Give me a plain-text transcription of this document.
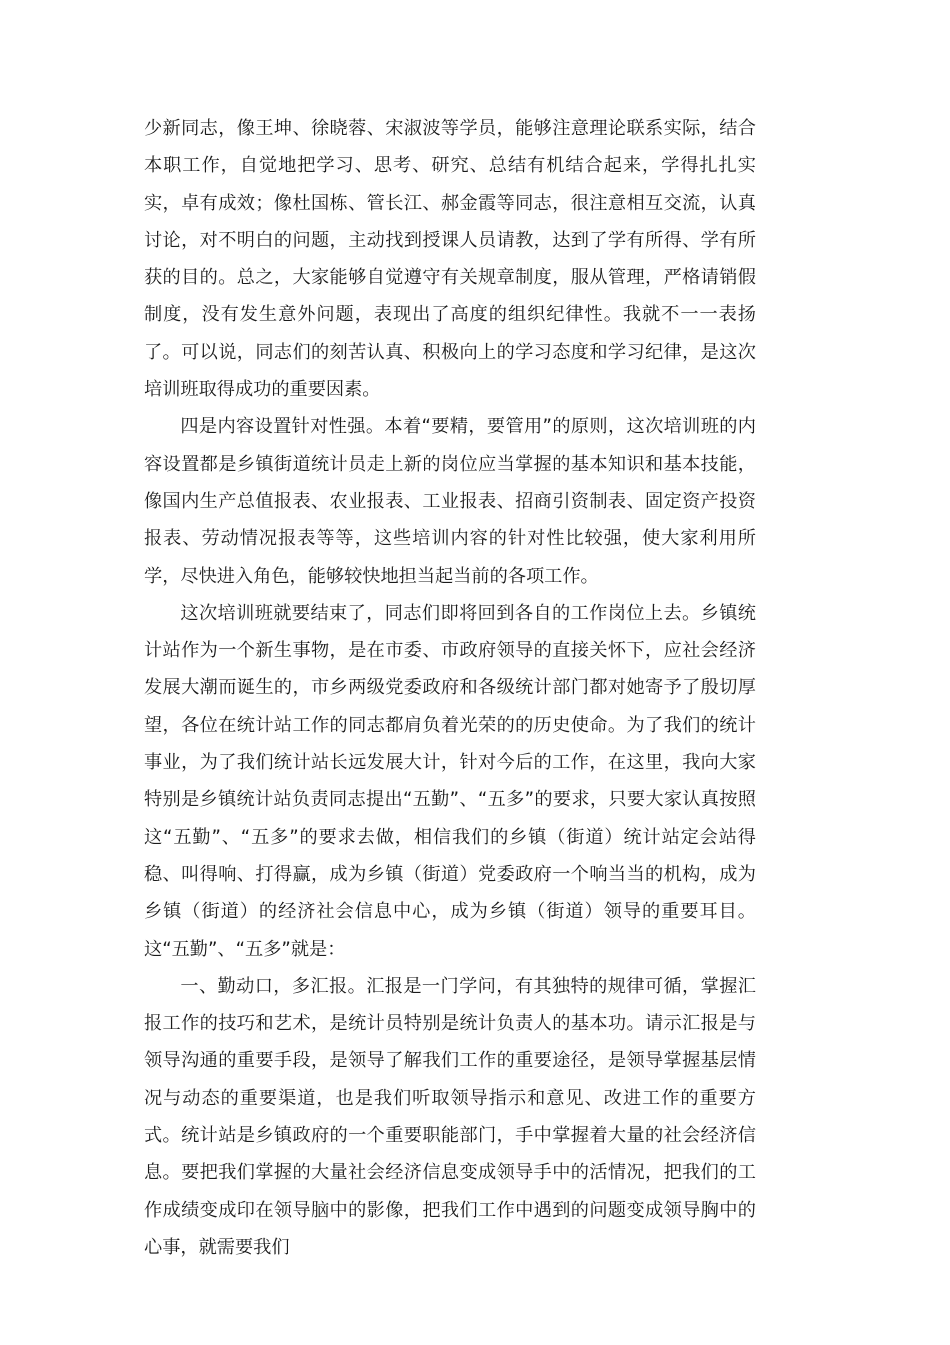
少新同志，像王坤、徐晓蓉、宋淑波等学员，能够注意理论联系实际，结合本职工作，自觉地把学习、思考、研究、总结有机结合起来，学得扎扎实实，卓有成效；像杜国栋、管长江、郝金霞等同志，很注意相互交流，认真讨论，对不明白的问题，主动找到授课人员请教，达到了学有所得、学有所获的目的。总之，大家能够自觉遵守有关规章制度，服从管理，严格请销假制度，没有发生意外问题，表现出了高度的组织纪律性。我就不一一表扬了。可以说，同志们的刻苦认真、积极向上的学习态度和学习纪律，是这次培训班取得成功的重要因素。

四是内容设置针对性强。本着“要精，要管用”的原则，这次培训班的内容设置都是乡镇街道统计员走上新的岗位应当掌握的基本知识和基本技能，像国内生产总值报表、农业报表、工业报表、招商引资制表、固定资产投资报表、劳动情况报表等等，这些培训内容的针对性比较强，使大家利用所学，尽快进入角色，能够较快地担当起当前的各项工作。

这次培训班就要结束了，同志们即将回到各自的工作岗位上去。乡镇统计站作为一个新生事物，是在市委、市政府领导的直接关怀下，应社会经济发展大潮而诞生的，市乡两级党委政府和各级统计部门都对她寄予了殷切厚望，各位在统计站工作的同志都肩负着光荣的的历史使命。为了我们的统计事业，为了我们统计站长远发展大计，针对今后的工作，在这里，我向大家特别是乡镇统计站负责同志提出“五勤”、“五多”的要求，只要大家认真按照这“五勤”、“五多”的要求去做，相信我们的乡镇（街道）统计站定会站得稳、叫得响、打得赢，成为乡镇（街道）党委政府一个响当当的机构，成为乡镇（街道）的经济社会信息中心，成为乡镇（街道）领导的重要耳目。这“五勤”、“五多”就是：

一、勤动口，多汇报。汇报是一门学问，有其独特的规律可循，掌握汇报工作的技巧和艺术，是统计员特别是统计负责人的基本功。请示汇报是与领导沟通的重要手段，是领导了解我们工作的重要途径，是领导掌握基层情况与动态的重要渠道，也是我们听取领导指示和意见、改进工作的重要方式。统计站是乡镇政府的一个重要职能部门，手中掌握着大量的社会经济信息。要把我们掌握的大量社会经济信息变成领导手中的活情况，把我们的工作成绩变成印在领导脑中的影像，把我们工作中遇到的问题变成领导胸中的心事，就需要我们
